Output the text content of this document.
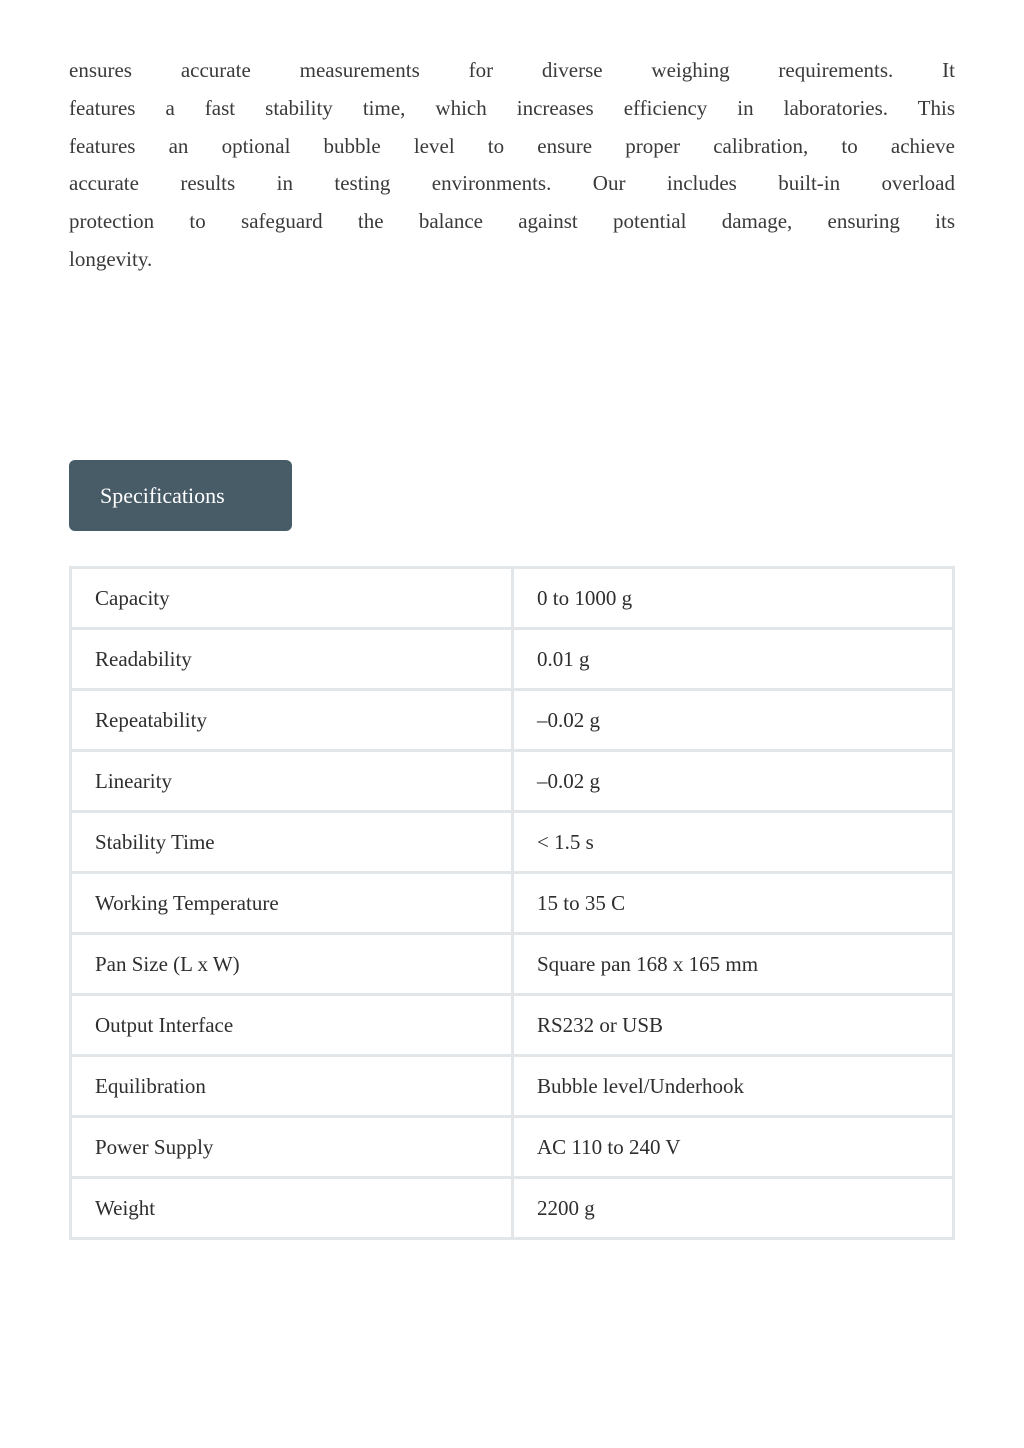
ensures accurate measurements for diverse weighing requirements. It
features a fast stability time, which increases efficiency in laboratories. This
features an optional bubble level to ensure proper calibration, to achieve
accurate results in testing environments. Our includes built-in overload
protection to safeguard the balance against potential damage, ensuring its
longevity.

Specifications
Capacity	0 to 1000 g
Readability	0.01 g
Repeatability	–0.02 g
Linearity	–0.02 g
Stability Time	< 1.5 s
Working Temperature	15 to 35 C
Pan Size (L x W)	Square pan 168 x 165 mm
Output Interface	RS232 or USB
Equilibration	Bubble level/Underhook
Power Supply	AC 110 to 240 V
Weight	2200 g
